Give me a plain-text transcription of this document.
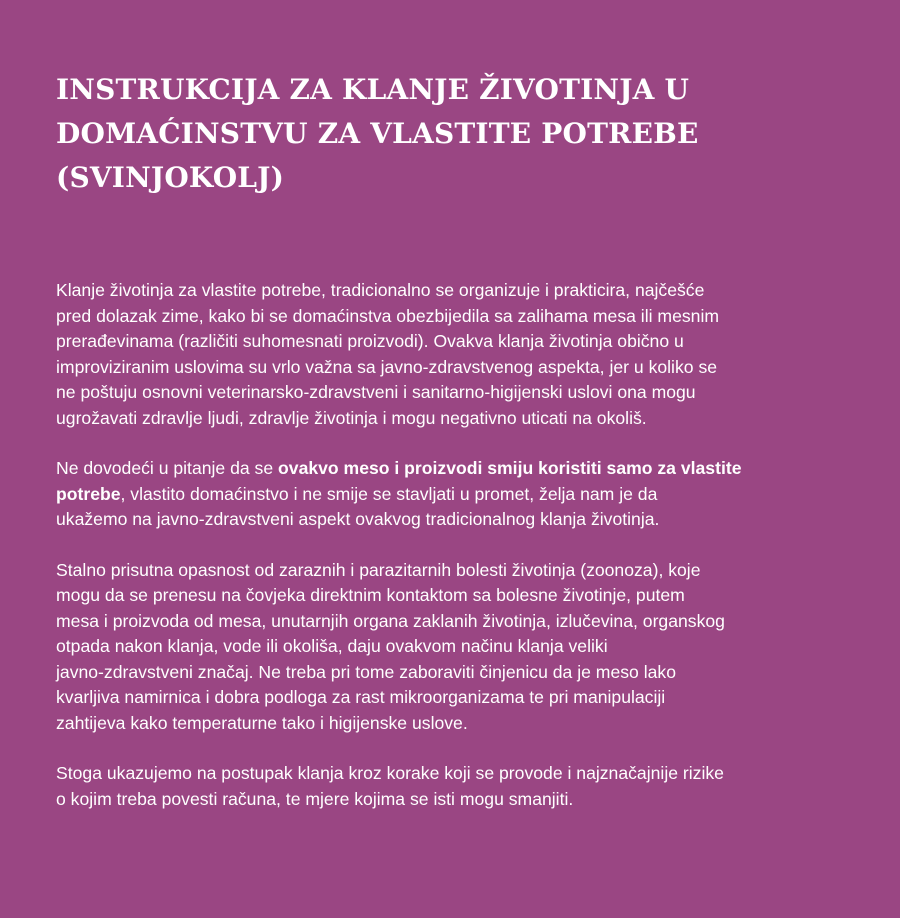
INSTRUKCIJA ZA KLANJE ŽIVOTINJA U
DOMAĆINSTVU ZA VLASTITE POTREBE
(SVINJOKOLJ)

Klanje životinja za vlastite potrebe, tradicionalno se organizuje i prakticira, najčešće
pred dolazak zime, kako bi se domaćinstva obezbijedila sa zalihama mesa ili mesnim
prerađevinama (različiti suhomesnati proizvodi). Ovakva klanja životinja obično u
improviziranim uslovima su vrlo važna sa javno-zdravstvenog aspekta, jer u koliko se
ne poštuju osnovni veterinarsko-zdravstveni i sanitarno-higijenski uslovi ona mogu
ugrožavati zdravlje ljudi, zdravlje životinja i mogu negativno uticati na okoliš.

Ne dovodeći u pitanje da se ovakvo meso i proizvodi smiju koristiti samo za vlastite
potrebe, vlastito domaćinstvo i ne smije se stavljati u promet, želja nam je da
ukažemo na javno-zdravstveni aspekt ovakvog tradicionalnog klanja životinja.

Stalno prisutna opasnost od zaraznih i parazitarnih bolesti životinja (zoonoza), koje
mogu da se prenesu na čovjeka direktnim kontaktom sa bolesne životinje, putem
mesa i proizvoda od mesa, unutarnjih organa zaklanih životinja, izlučevina, organskog
otpada nakon klanja, vode ili okoliša, daju ovakvom načinu klanja veliki
javno-zdravstveni značaj. Ne treba pri tome zaboraviti činjenicu da je meso lako
kvarljiva namirnica i dobra podloga za rast mikroorganizama te pri manipulaciji
zahtijeva kako temperaturne tako i higijenske uslove.

Stoga ukazujemo na postupak klanja kroz korake koji se provode i najznačajnije rizike
o kojim treba povesti računa, te mjere kojima se isti mogu smanjiti.
